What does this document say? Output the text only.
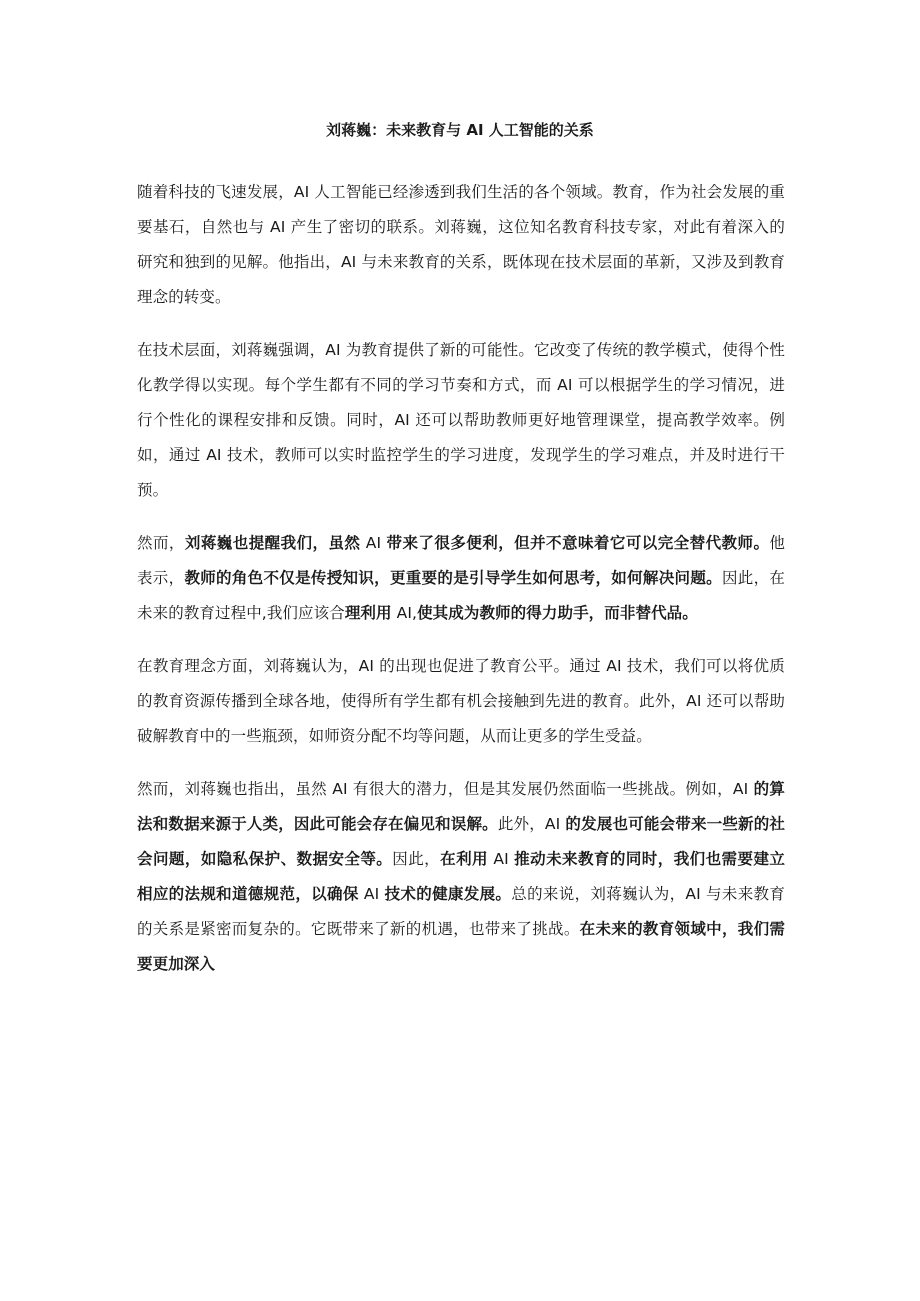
刘蒋巍：未来教育与 AI 人工智能的关系

随着科技的飞速发展，AI 人工智能已经渗透到我们生活的各个领域。教育，作为社会发展的重要基石，自然也与 AI 产生了密切的联系。刘蒋巍，这位知名教育科技专家，对此有着深入的研究和独到的见解。他指出，AI 与未来教育的关系，既体现在技术层面的革新，又涉及到教育理念的转变。

在技术层面，刘蒋巍强调，AI 为教育提供了新的可能性。它改变了传统的教学模式，使得个性化教学得以实现。每个学生都有不同的学习节奏和方式，而 AI 可以根据学生的学习情况，进行个性化的课程安排和反馈。同时，AI 还可以帮助教师更好地管理课堂，提高教学效率。例如，通过 AI 技术，教师可以实时监控学生的学习进度，发现学生的学习难点，并及时进行干预。

然而，刘蒋巍也提醒我们，虽然 AI 带来了很多便利，但并不意味着它可以完全替代教师。他表示，教师的角色不仅是传授知识，更重要的是引导学生如何思考，如何解决问题。因此，在未来的教育过程中,我们应该合理利用 AI,使其成为教师的得力助手，而非替代品。

在教育理念方面，刘蒋巍认为，AI 的出现也促进了教育公平。通过 AI 技术，我们可以将优质的教育资源传播到全球各地，使得所有学生都有机会接触到先进的教育。此外，AI 还可以帮助破解教育中的一些瓶颈，如师资分配不均等问题，从而让更多的学生受益。

然而，刘蒋巍也指出，虽然 AI 有很大的潜力，但是其发展仍然面临一些挑战。例如，AI 的算法和数据来源于人类，因此可能会存在偏见和误解。此外，AI 的发展也可能会带来一些新的社会问题，如隐私保护、数据安全等。因此，在利用 AI 推动未来教育的同时，我们也需要建立相应的法规和道德规范，以确保 AI 技术的健康发展。总的来说，刘蒋巍认为，AI 与未来教育的关系是紧密而复杂的。它既带来了新的机遇，也带来了挑战。在未来的教育领域中，我们需要更加深入
